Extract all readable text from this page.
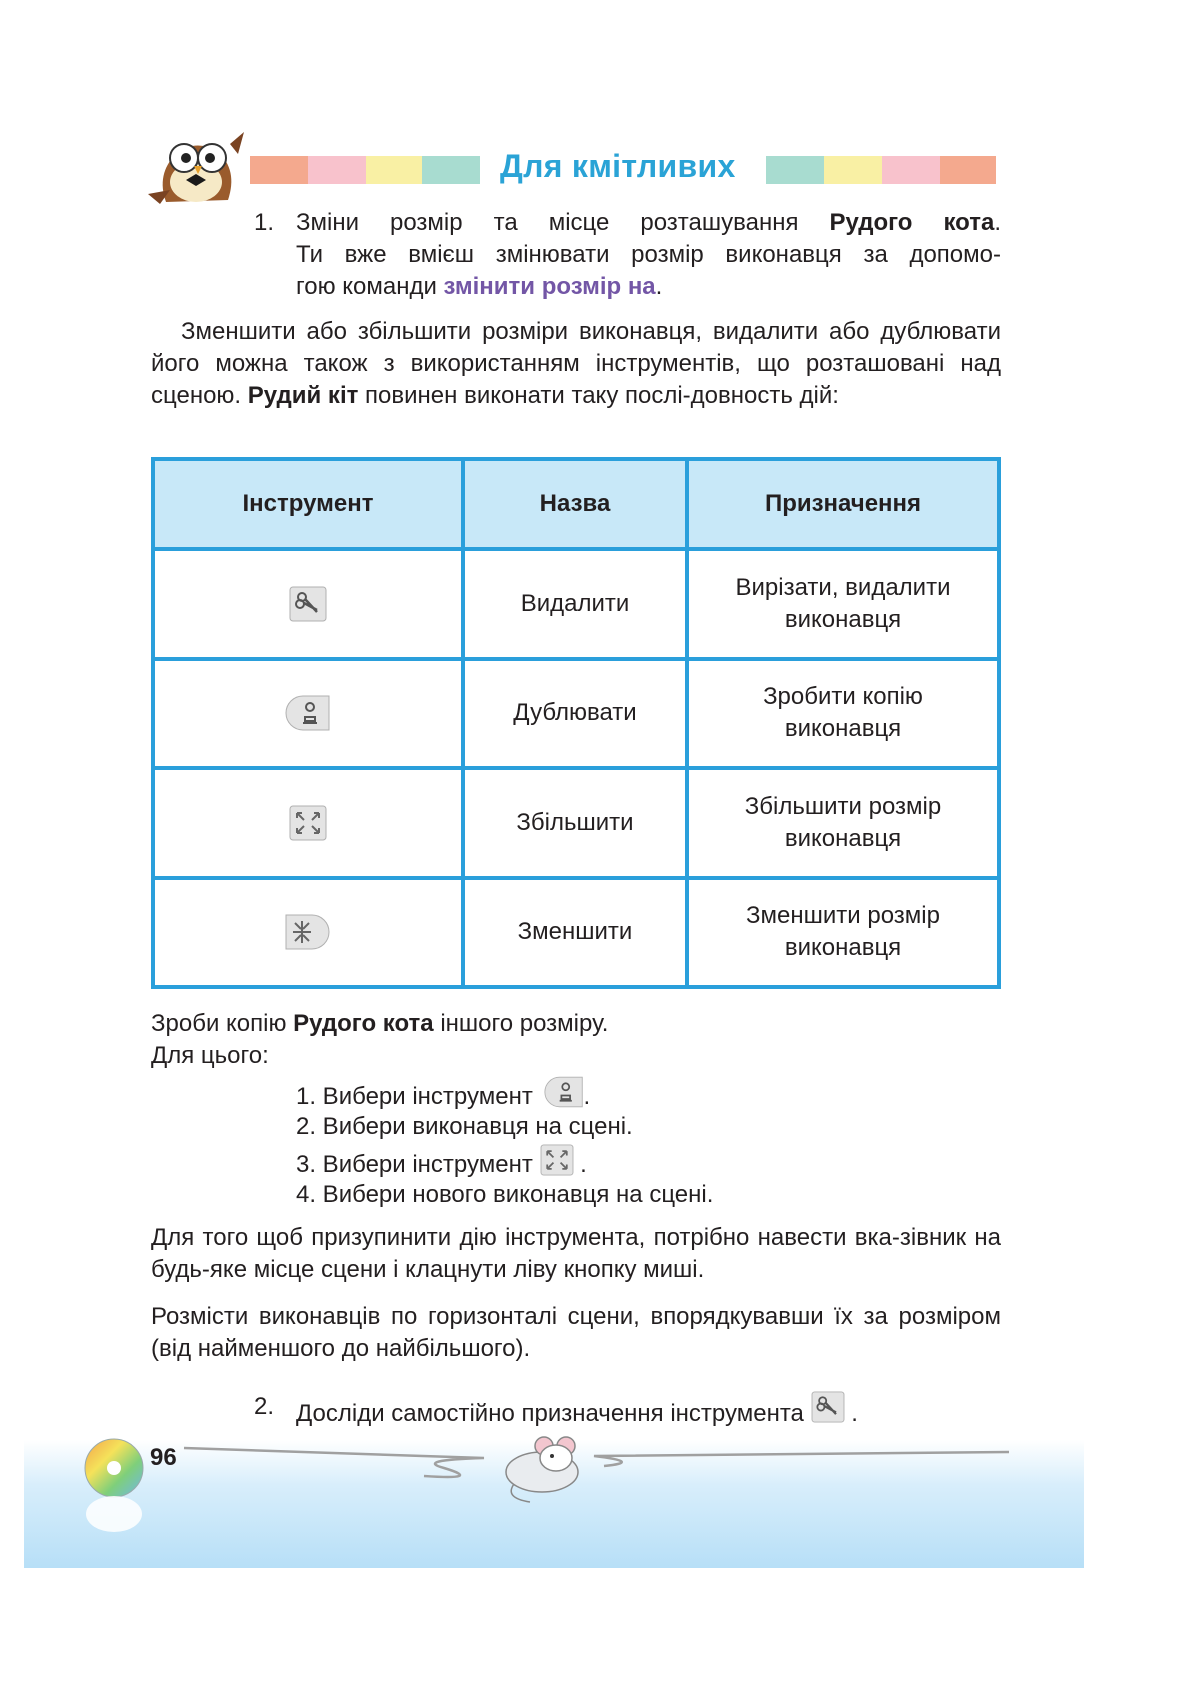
Для кмітливих
1. Зміни розмір та місце розташування Рудого кота.
Ти вже вмієш змінювати розмір виконавця за допомо-
гою команди змінити розмір на.
Зменшити або збільшити розміри виконавця, видалити або дублювати його можна також з використанням інструментів, що розташовані над сценою. Рудий кіт повинен виконати таку послі-довность дій:
Інструмент	Назва	Призначення
	Видалити	Вирізати, видалити
виконавця

	Дублювати	Зробити копію
виконавця

	Збільшити	Збільшити розмір
виконавця

	Зменшити	Зменшити розмір
виконавця
Зроби копію Рудого кота іншого розміру.
Для цього:
1. Вибери інструмент .
2. Вибери виконавця на сцені.
3. Вибери інструмент .
4. Вибери нового виконавця на сцені.
Для того щоб призупинити дію інструмента, потрібно навести вка-зівник на будь-яке місце сцени і клацнути ліву кнопку миші.
Розмісти виконавців по горизонталі сцени, впорядкувавши їх за розміром (від найменшого до найбільшого).
2. Досліди самостійно призначення інструмента .
96
